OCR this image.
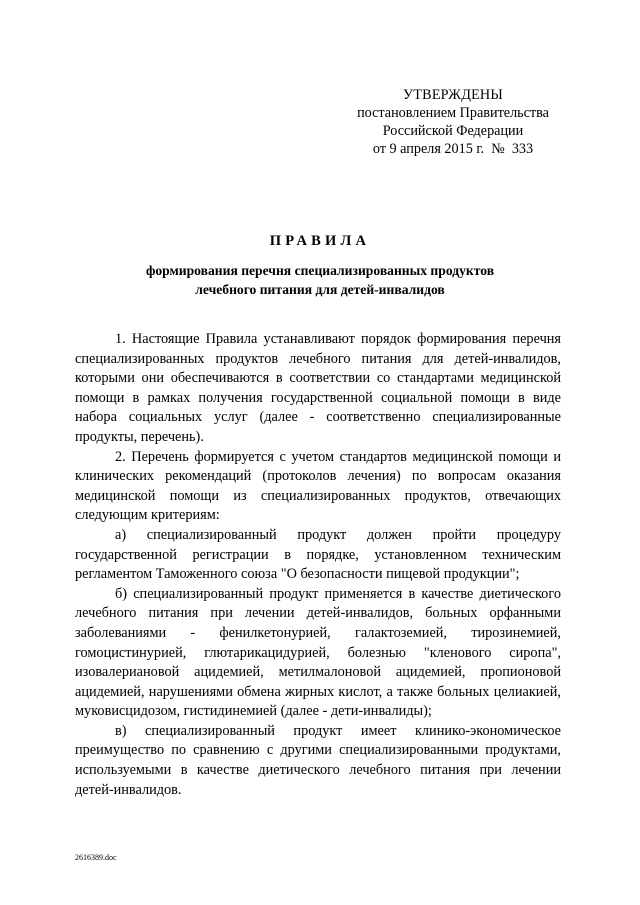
УТВЕРЖДЕНЫ
постановлением Правительства
Российской Федерации
от 9 апреля 2015 г.  №  333
ПРАВИЛА
формирования перечня специализированных продуктов
лечебного питания для детей-инвалидов

1. Настоящие Правила устанавливают порядок формирования перечня специализированных продуктов лечебного питания для детей-инвалидов, которыми они обеспечиваются в соответствии со стандартами медицинской помощи в рамках получения государственной социальной помощи в виде набора социальных услуг (далее - соответственно специализированные продукты, перечень).

2. Перечень формируется с учетом стандартов медицинской помощи и клинических рекомендаций (протоколов лечения) по вопросам оказания медицинской помощи из специализированных продуктов, отвечающих следующим критериям:

а) специализированный продукт должен пройти процедуру государственной регистрации в порядке, установленном техническим регламентом Таможенного союза "О безопасности пищевой продукции";

б) специализированный продукт применяется в качестве диетического лечебного питания при лечении детей-инвалидов, больных орфанными заболеваниями - фенилкетонурией, галактоземией, тирозинемией, гомоцистинурией, глютарикацидурией, болезнью "кленового сиропа", изовалериановой ацидемией, метилмалоновой ацидемией, пропионовой ацидемией, нарушениями обмена жирных кислот, а также больных целиакией, муковисцидозом, гистидинемией (далее - дети-инвалиды);

в) специализированный продукт имеет клинико-экономическое преимущество по сравнению с другими специализированными продуктами, используемыми в качестве диетического лечебного питания при лечении детей-инвалидов.

2616389.doc
